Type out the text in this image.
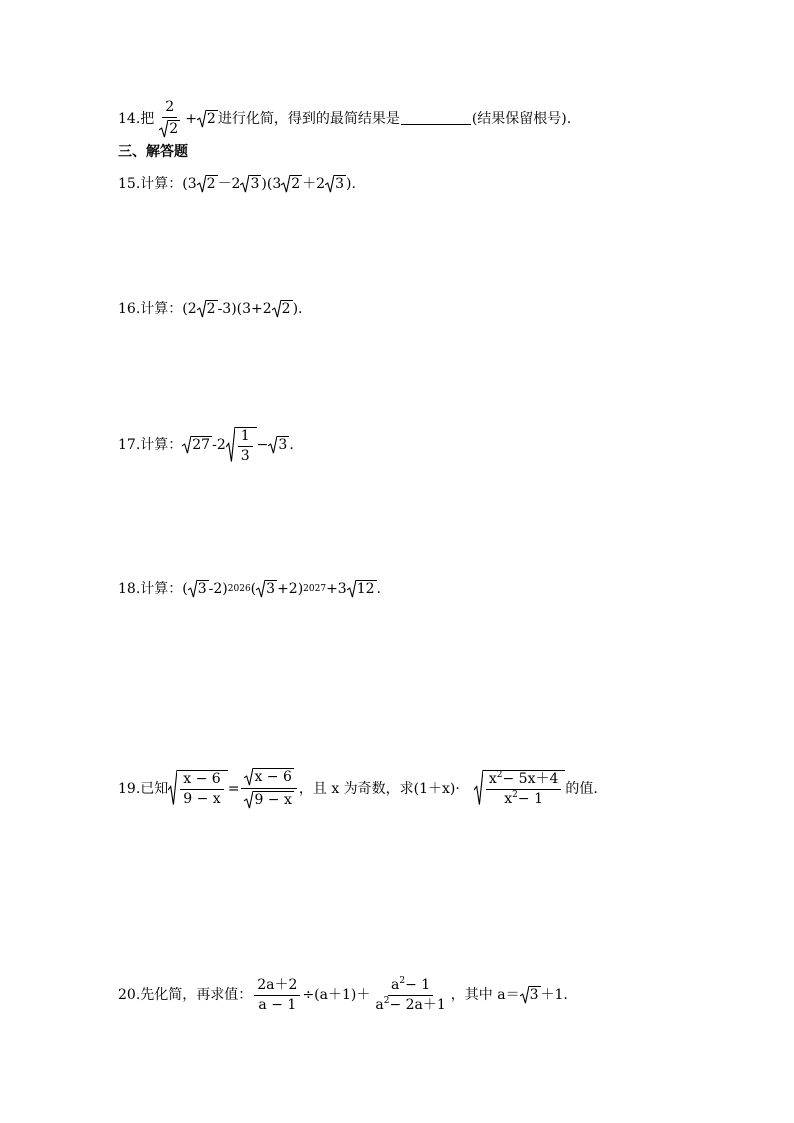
14. 把 $\frac{2}{2} + 2$ 进行化简，得到的最简结果是	(结果保留根号).
三、解答题
15. 计算：(3 2 －2 3 )(3 2 ＋2 3 ).
16. 计算：(2 2 -3)(3+2 2 ).
17. 计算： 27 $-2 \frac{1}{3} - 3$ .
18. 计算：( 3 -2) 2026 ( 3 +2) 2027 +3 12 .
19. 已知 $\frac{x - 6}{9 - x} = \frac{x - 6}{9 - x}$ ，且 x 为奇数，求$(1+x)\cdot \frac{x^2- 5x+4}{x^2- 1}$ 的值.
20. 先化简，再求值： $\frac{2a+2}{a - 1} \div(a+1)+ \frac{a^2- 1}{a^2- 2a+1}$ ，其中 a＝ 3 ＋1.
